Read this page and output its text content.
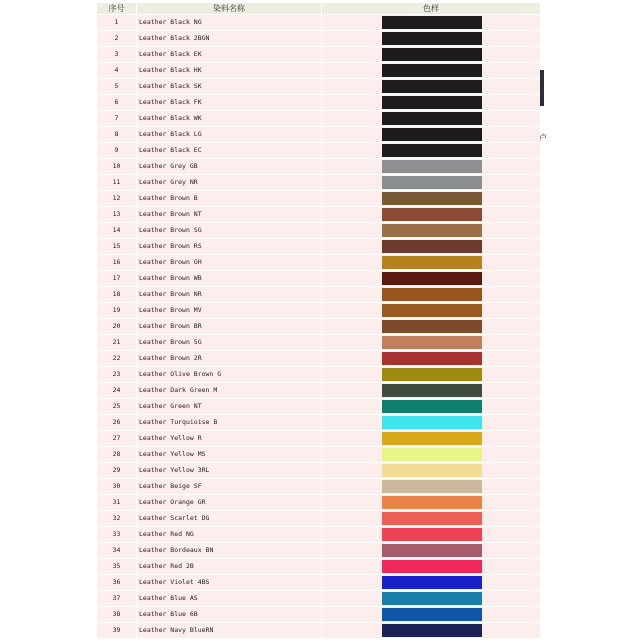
序号	染料名称	色样
1	Leather Black NG	

2	Leather Black 2BGN	

3	Leather Black EK	

4	Leather Black HK	

5	Leather Black SK	

6	Leather Black FK	

7	Leather Black WK	

8	Leather Black LG	

9	Leather Black EC	

10	Leather Grey GB	

11	Leather Grey NR	

12	Leather Brown B	

13	Leather Brown NT	

14	Leather Brown SG	

15	Leather Brown RS	

16	Leather Brown GH	

17	Leather Brown WB	

18	Leather Brown NR	

19	Leather Brown MV	

20	Leather Brown BR	

21	Leather Brown 5G	

22	Leather Brown 2R	

23	Leather Olive Brown G	

24	Leather Dark Green M	

25	Leather Green NT	

26	Leather Turquioise B	

27	Leather Yellow R	

28	Leather Yellow MS	

29	Leather Yellow 3RL	

30	Leather Beige SF	

31	Leather Orange GR	

32	Leather Scarlet DG	

33	Leather Red NG	

34	Leather Bordeaux BN	

35	Leather Red 2B	

36	Leather Violet 4BS	

37	Leather Blue AS	

38	Leather Blue 6B	

39	Leather Navy BlueRN	
卢
